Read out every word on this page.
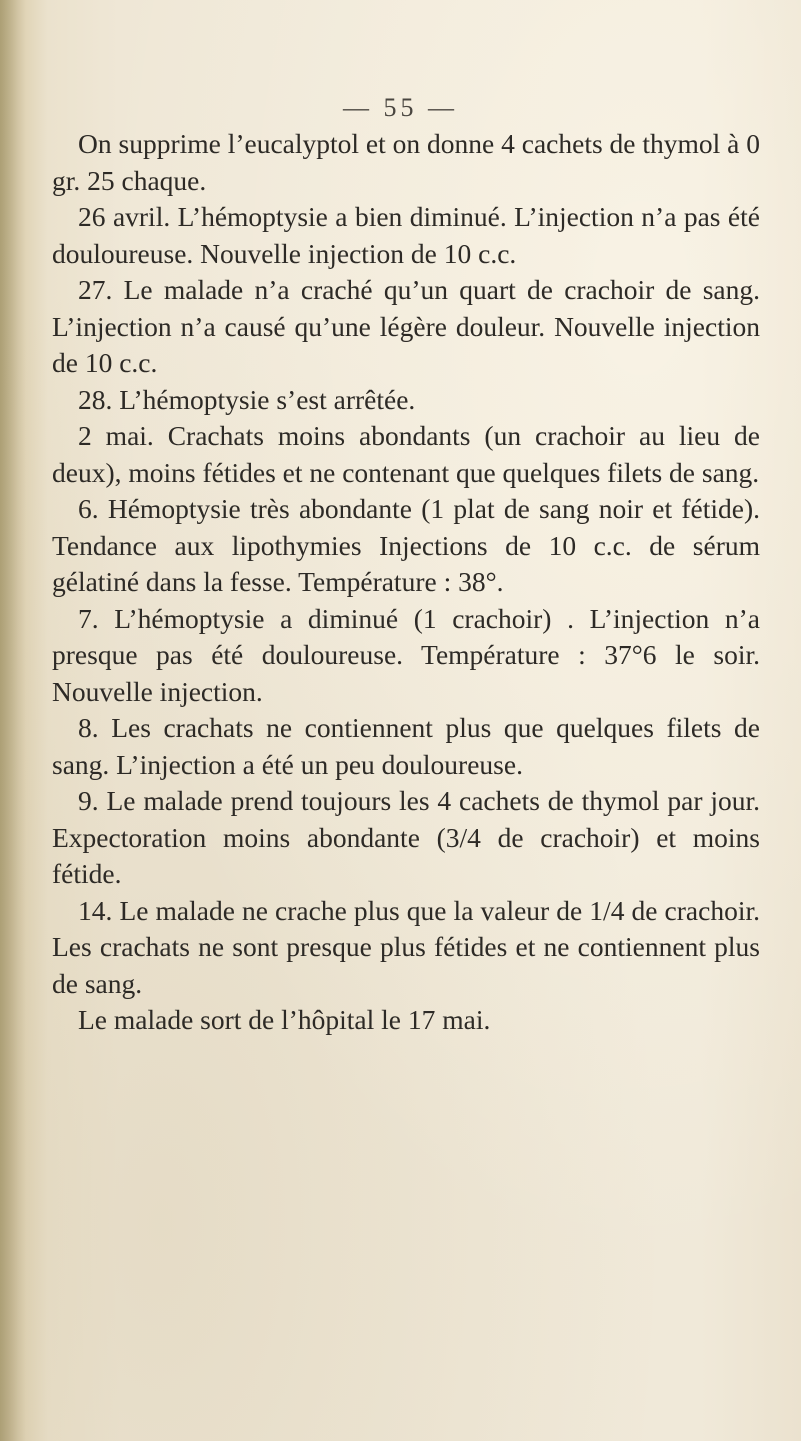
— 55 —

On supprime l’eucalyptol et on donne 4 cachets de thymol à 0 gr. 25 chaque.

26 avril. L’hémoptysie a bien diminué. L’injection n’a pas été douloureuse. Nouvelle injection de 10 c.c.

27. Le malade n’a craché qu’un quart de crachoir de sang. L’injection n’a causé qu’une légère douleur. Nouvelle injection de 10 c.c.

28. L’hémoptysie s’est arrêtée.

2 mai. Crachats moins abondants (un crachoir au lieu de deux), moins fétides et ne contenant que quelques filets de sang.

6. Hémoptysie très abondante (1 plat de sang noir et fétide). Tendance aux lipothymies Injections de 10 c.c. de sérum gélatiné dans la fesse. Température : 38°.

7. L’hémoptysie a diminué (1 crachoir) . L’injection n’a presque pas été douloureuse. Température : 37°6 le soir. Nouvelle injection.

8. Les crachats ne contiennent plus que quelques filets de sang. L’injection a été un peu douloureuse.

9. Le malade prend toujours les 4 cachets de thymol par jour. Expectoration moins abondante (3/4 de crachoir) et moins fétide.

14. Le malade ne crache plus que la valeur de 1/4 de crachoir. Les crachats ne sont presque plus fétides et ne contiennent plus de sang.

Le malade sort de l’hôpital le 17 mai.
